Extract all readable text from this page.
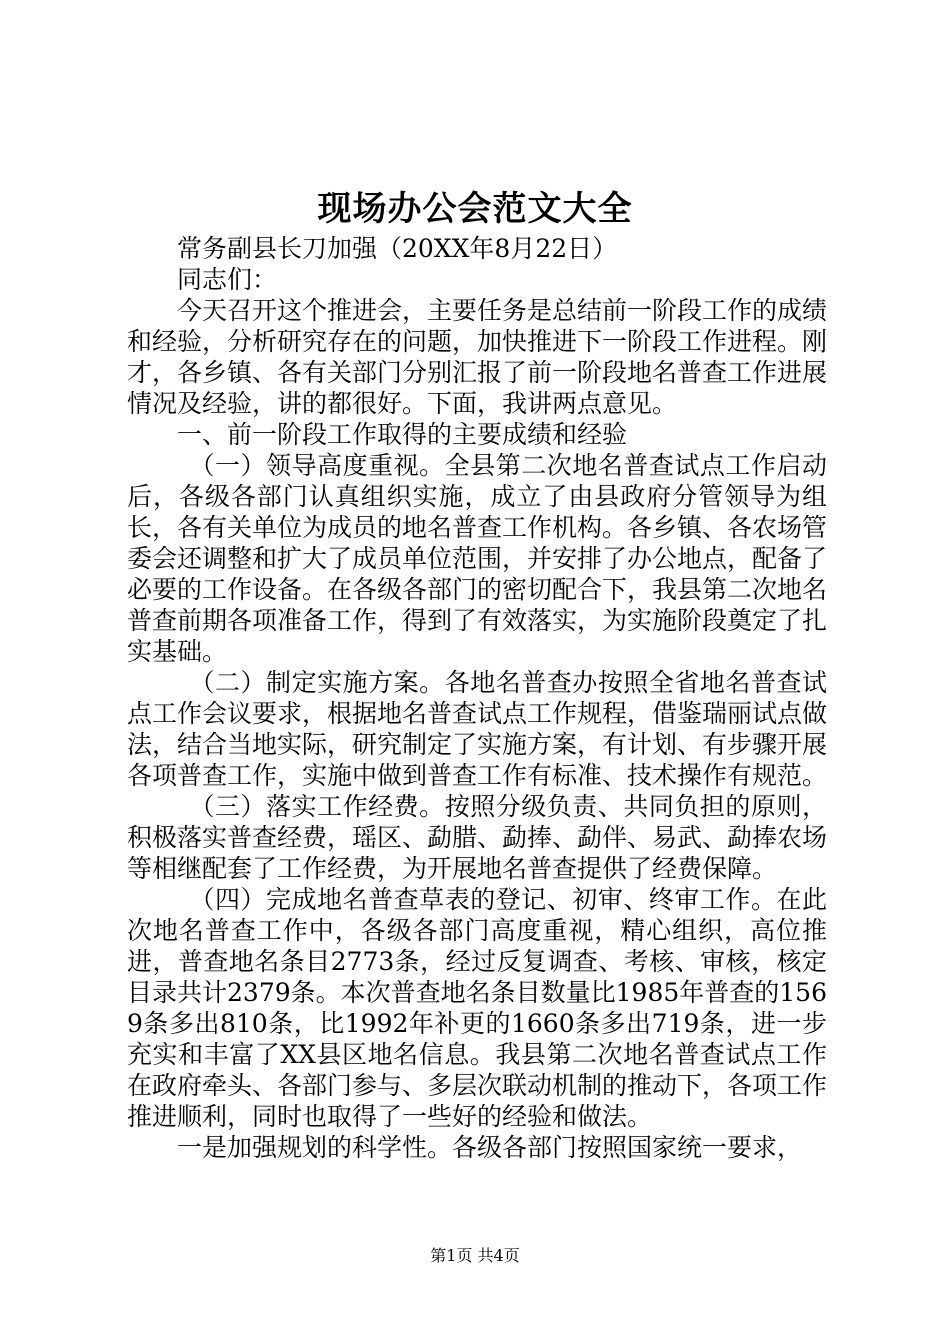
现场办公会范文大全

常务副县长刀加强（20XX年8月22日）

同志们：

今天召开这个推进会，主要任务是总结前一阶段工作的成绩和经验，分析研究存在的问题，加快推进下一阶段工作进程。刚才，各乡镇、各有关部门分别汇报了前一阶段地名普查工作进展情况及经验，讲的都很好。下面，我讲两点意见。

一、前一阶段工作取得的主要成绩和经验

（一）领导高度重视。全县第二次地名普查试点工作启动后，各级各部门认真组织实施，成立了由县政府分管领导为组长，各有关单位为成员的地名普查工作机构。各乡镇、各农场管委会还调整和扩大了成员单位范围，并安排了办公地点，配备了必要的工作设备。在各级各部门的密切配合下，我县第二次地名普查前期各项准备工作，得到了有效落实，为实施阶段奠定了扎实基础。

（二）制定实施方案。各地名普查办按照全省地名普查试点工作会议要求，根据地名普查试点工作规程，借鉴瑞丽试点做法，结合当地实际，研究制定了实施方案，有计划、有步骤开展各项普查工作，实施中做到普查工作有标准、技术操作有规范。

（三）落实工作经费。按照分级负责、共同负担的原则，积极落实普查经费，瑶区、勐腊、勐捧、勐伴、易武、勐捧农场等相继配套了工作经费，为开展地名普查提供了经费保障。

（四）完成地名普查草表的登记、初审、终审工作。在此次地名普查工作中，各级各部门高度重视，精心组织，高位推进，普查地名条目2773条，经过反复调查、考核、审核，核定目录共计2379条。本次普查地名条目数量比1985年普查的1569条多出810条，比1992年补更的1660条多出719条，进一步充实和丰富了XX县区地名信息。我县第二次地名普查试点工作在政府牵头、各部门参与、多层次联动机制的推动下，各项工作推进顺利，同时也取得了一些好的经验和做法。

一是加强规划的科学性。各级各部门按照国家统一要求，

第1页 共4页
